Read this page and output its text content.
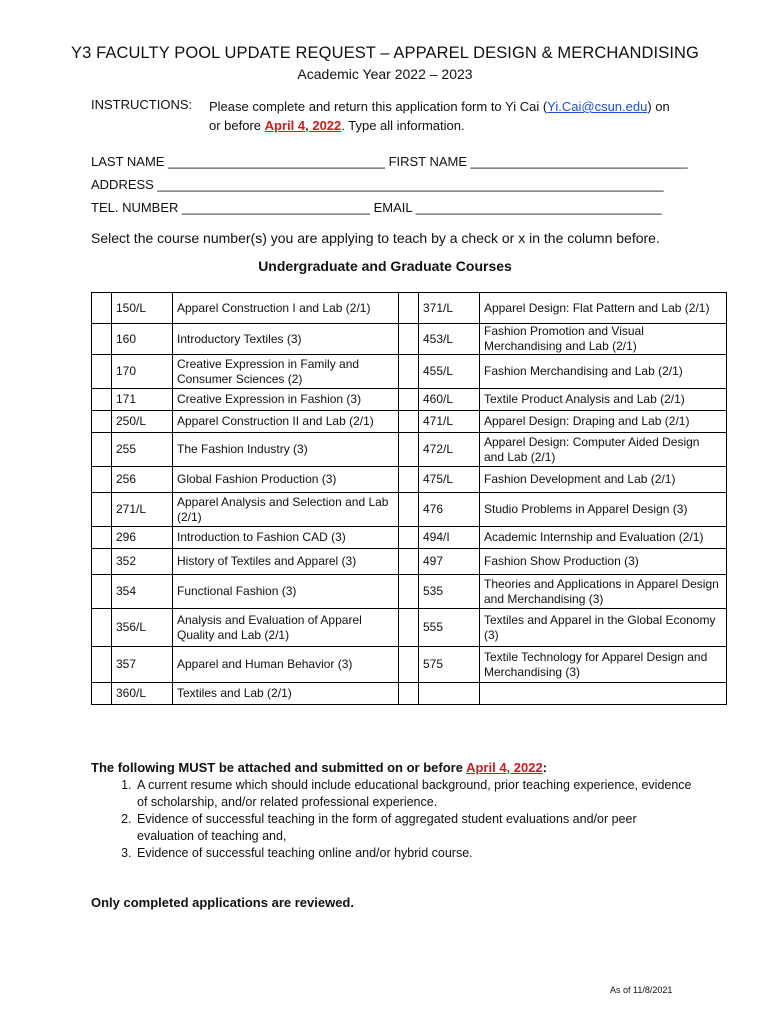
Y3 FACULTY POOL UPDATE REQUEST – APPAREL DESIGN & MERCHANDISING
Academic Year 2022 – 2023
INSTRUCTIONS: Please complete and return this application form to Yi Cai (Yi.Cai@csun.edu) on or before April 4, 2022. Type all information.
LAST NAME ______________________________ FIRST NAME ______________________________
ADDRESS ______________________________________________________________________
TEL. NUMBER __________________________ EMAIL __________________________________
Select the course number(s) you are applying to teach by a check or x in the column before.
Undergraduate and Graduate Courses
	150/L	Apparel Construction I and Lab (2/1)		371/L	Apparel Design: Flat Pattern and Lab (2/1)
	160	Introductory Textiles (3)		453/L	Fashion Promotion and Visual Merchandising and Lab (2/1)
	170	Creative Expression in Family and Consumer Sciences (2)		455/L	Fashion Merchandising and Lab (2/1)
	171	Creative Expression in Fashion (3)		460/L	Textile Product Analysis and Lab (2/1)
	250/L	Apparel Construction II and Lab (2/1)		471/L	Apparel Design: Draping and Lab (2/1)
	255	The Fashion Industry (3)		472/L	Apparel Design: Computer Aided Design and Lab (2/1)
	256	Global Fashion Production (3)		475/L	Fashion Development and Lab (2/1)
	271/L	Apparel Analysis and Selection and Lab (2/1)		476	Studio Problems in Apparel Design (3)
	296	Introduction to Fashion CAD (3)		494/I	Academic Internship and Evaluation (2/1)
	352	History of Textiles and Apparel (3)		497	Fashion Show Production (3)
	354	Functional Fashion (3)		535	Theories and Applications in Apparel Design and Merchandising (3)
	356/L	Analysis and Evaluation of Apparel Quality and Lab (2/1)		555	Textiles and Apparel in the Global Economy (3)
	357	Apparel and Human Behavior (3)		575	Textile Technology for Apparel Design and Merchandising (3)
	360/L	Textiles and Lab (2/1)			
The following MUST be attached and submitted on or before April 4, 2022:
1. A current resume which should include educational background, prior teaching experience, evidence of scholarship, and/or related professional experience.
2. Evidence of successful teaching in the form of aggregated student evaluations and/or peer evaluation of teaching and,
3. Evidence of successful teaching online and/or hybrid course.
Only completed applications are reviewed.
As of 11/8/2021
